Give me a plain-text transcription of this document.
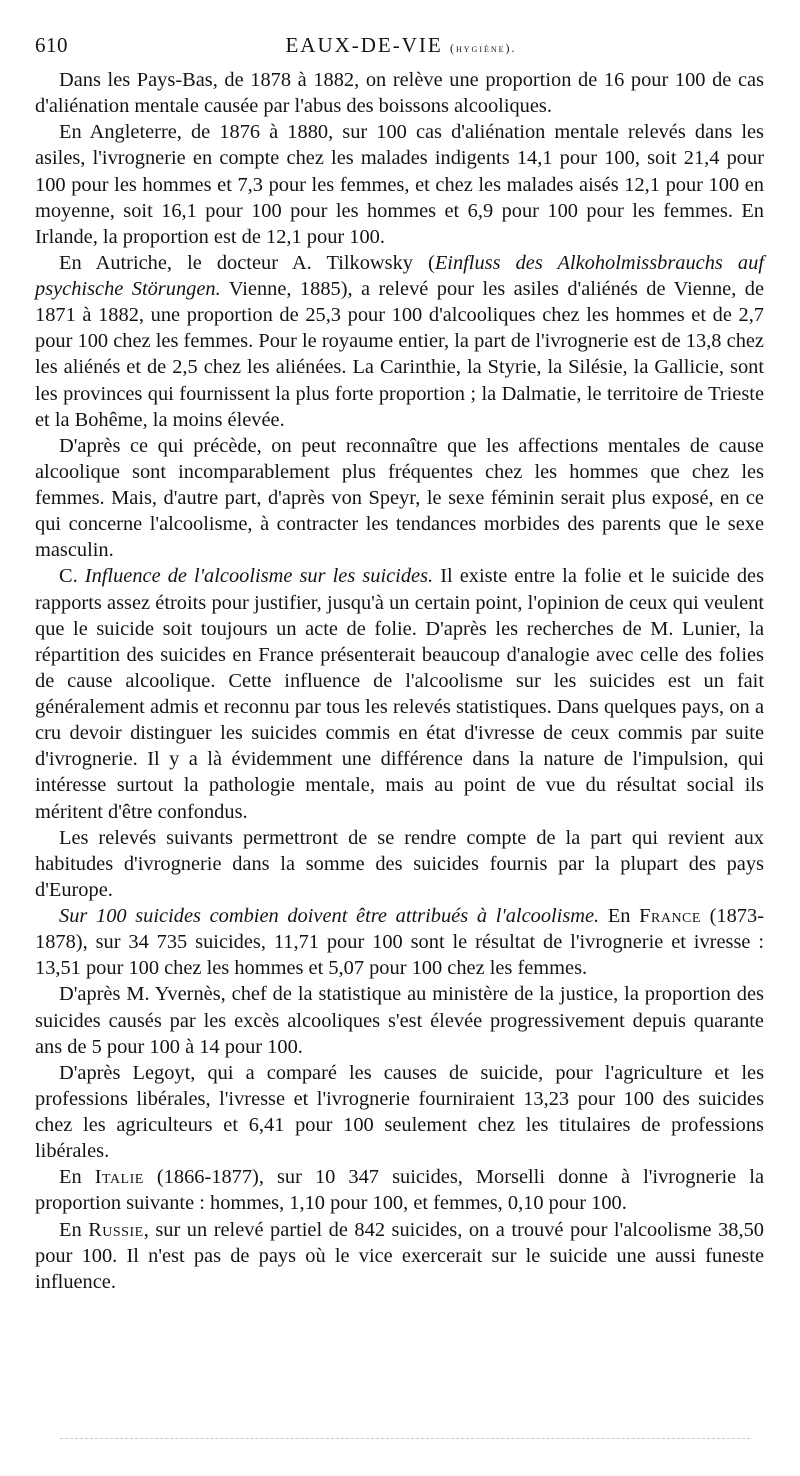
610	EAUX-DE-VIE (hygiène).

Dans les Pays-Bas, de 1878 à 1882, on relève une proportion de 16 pour 100 de cas d'aliénation mentale causée par l'abus des boissons alcooliques.

En Angleterre, de 1876 à 1880, sur 100 cas d'aliénation mentale relevés dans les asiles, l'ivrognerie en compte chez les malades indigents 14,1 pour 100, soit 21,4 pour 100 pour les hommes et 7,3 pour les femmes, et chez les malades aisés 12,1 pour 100 en moyenne, soit 16,1 pour 100 pour les hommes et 6,9 pour 100 pour les femmes. En Irlande, la proportion est de 12,1 pour 100.

En Autriche, le docteur A. Tilkowsky (Einfluss des Alkoholmissbrauchs auf psychische Störungen. Vienne, 1885), a relevé pour les asiles d'aliénés de Vienne, de 1871 à 1882, une proportion de 25,3 pour 100 d'alcooliques chez les hommes et de 2,7 pour 100 chez les femmes. Pour le royaume entier, la part de l'ivrognerie est de 13,8 chez les aliénés et de 2,5 chez les aliénées. La Carinthie, la Styrie, la Silésie, la Gallicie, sont les provinces qui fournissent la plus forte proportion ; la Dalmatie, le territoire de Trieste et la Bohême, la moins élevée.

D'après ce qui précède, on peut reconnaître que les affections mentales de cause alcoolique sont incomparablement plus fréquentes chez les hommes que chez les femmes. Mais, d'autre part, d'après von Speyr, le sexe féminin serait plus exposé, en ce qui concerne l'alcoolisme, à contracter les tendances morbides des parents que le sexe masculin.

C. Influence de l'alcoolisme sur les suicides. Il existe entre la folie et le suicide des rapports assez étroits pour justifier, jusqu'à un certain point, l'opinion de ceux qui veulent que le suicide soit toujours un acte de folie. D'après les recherches de M. Lunier, la répartition des suicides en France présenterait beaucoup d'analogie avec celle des folies de cause alcoolique. Cette influence de l'alcoolisme sur les suicides est un fait généralement admis et reconnu par tous les relevés statistiques. Dans quelques pays, on a cru devoir distinguer les suicides commis en état d'ivresse de ceux commis par suite d'ivrognerie. Il y a là évidemment une différence dans la nature de l'impulsion, qui intéresse surtout la pathologie mentale, mais au point de vue du résultat social ils méritent d'être confondus.

Les relevés suivants permettront de se rendre compte de la part qui revient aux habitudes d'ivrognerie dans la somme des suicides fournis par la plupart des pays d'Europe.

Sur 100 suicides combien doivent être attribués à l'alcoolisme. En France (1873-1878), sur 34 735 suicides, 11,71 pour 100 sont le résultat de l'ivrognerie et ivresse : 13,51 pour 100 chez les hommes et 5,07 pour 100 chez les femmes.

D'après M. Yvernès, chef de la statistique au ministère de la justice, la proportion des suicides causés par les excès alcooliques s'est élevée progressivement depuis quarante ans de 5 pour 100 à 14 pour 100.

D'après Legoyt, qui a comparé les causes de suicide, pour l'agriculture et les professions libérales, l'ivresse et l'ivrognerie fourniraient 13,23 pour 100 des suicides chez les agriculteurs et 6,41 pour 100 seulement chez les titulaires de professions libérales.

En Italie (1866-1877), sur 10 347 suicides, Morselli donne à l'ivrognerie la proportion suivante : hommes, 1,10 pour 100, et femmes, 0,10 pour 100.

En Russie, sur un relevé partiel de 842 suicides, on a trouvé pour l'alcoolisme 38,50 pour 100. Il n'est pas de pays où le vice exercerait sur le suicide une aussi funeste influence.
